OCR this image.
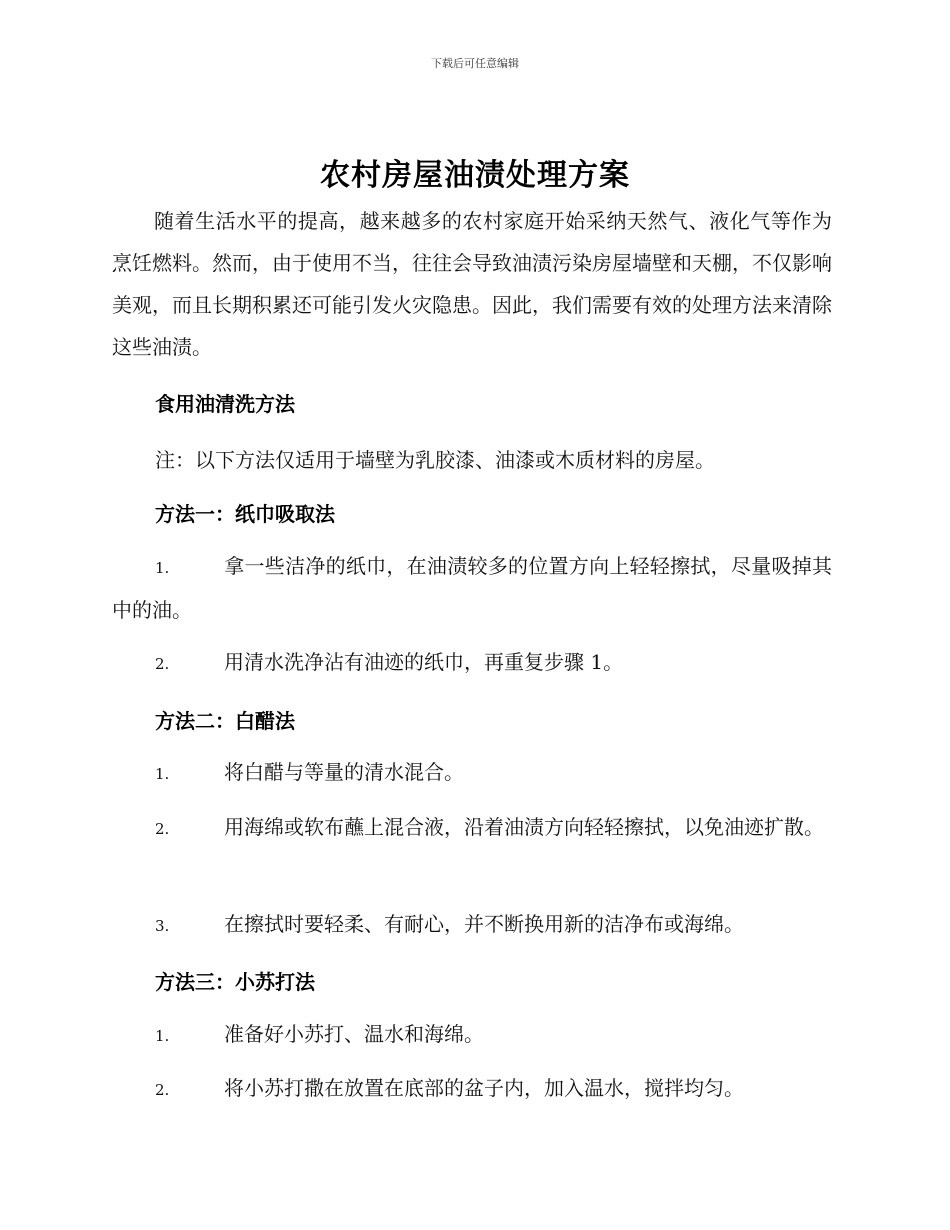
下载后可任意编辑
农村房屋油渍处理方案

随着生活水平的提高，越来越多的农村家庭开始采纳天然气、液化气等作为烹饪燃料。然而，由于使用不当，往往会导致油渍污染房屋墙壁和天棚，不仅影响美观，而且长期积累还可能引发火灾隐患。因此，我们需要有效的处理方法来清除这些油渍。

食用油清洗方法

注：以下方法仅适用于墙壁为乳胶漆、油漆或木质材料的房屋。

方法一：纸巾吸取法

1.	拿一些洁净的纸巾，在油渍较多的位置方向上轻轻擦拭，尽量吸掉其中的油。

2.	用清水洗净沾有油迹的纸巾，再重复步骤 1。

方法二：白醋法

1.	将白醋与等量的清水混合。

2.	用海绵或软布蘸上混合液，沿着油渍方向轻轻擦拭，以免油迹扩散。

3.	在擦拭时要轻柔、有耐心，并不断换用新的洁净布或海绵。

方法三：小苏打法

1.	准备好小苏打、温水和海绵。

2.	将小苏打撒在放置在底部的盆子内，加入温水，搅拌均匀。
